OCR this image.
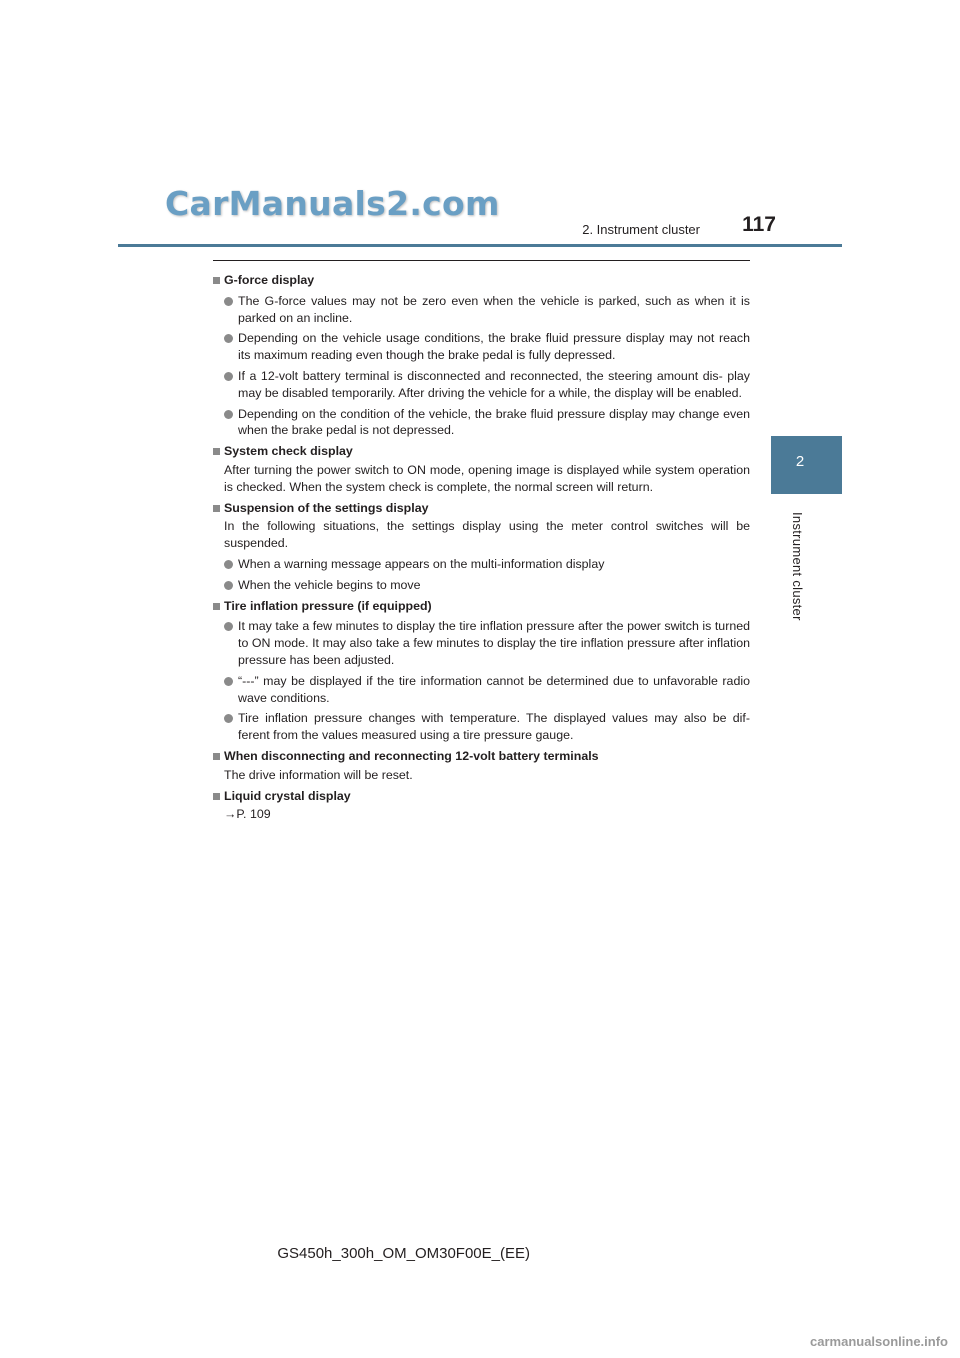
CarManuals2.com
2. Instrument cluster 117
2
Instrument cluster
G-force display
The G-force values may not be zero even when the vehicle is parked, such as when it is parked on an incline.
Depending on the vehicle usage conditions, the brake fluid pressure display may not reach its maximum reading even though the brake pedal is fully depressed.
If a 12-volt battery terminal is disconnected and reconnected, the steering amount dis- play may be disabled temporarily. After driving the vehicle for a while, the display will be enabled.
Depending on the condition of the vehicle, the brake fluid pressure display may change even when the brake pedal is not depressed.
System check display
After turning the power switch to ON mode, opening image is displayed while system operation is checked. When the system check is complete, the normal screen will return.
Suspension of the settings display
In the following situations, the settings display using the meter control switches will be suspended.
When a warning message appears on the multi-information display
When the vehicle begins to move
Tire inflation pressure (if equipped)
It may take a few minutes to display the tire inflation pressure after the power switch is turned to ON mode. It may also take a few minutes to display the tire inflation pressure after inflation pressure has been adjusted.
“---” may be displayed if the tire information cannot be determined due to unfavorable radio wave conditions.
Tire inflation pressure changes with temperature. The displayed values may also be dif- ferent from the values measured using a tire pressure gauge.
When disconnecting and reconnecting 12-volt battery terminals
The drive information will be reset.
Liquid crystal display
→P. 109
GS450h_300h_OM_OM30F00E_(EE)
carmanualsonline.info
